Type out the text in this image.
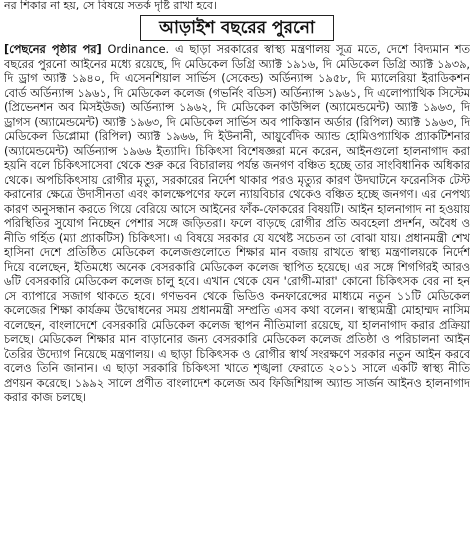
নর শিকার না হয়, সে বিষয়ে সতর্ক দৃষ্টি রাখা হবে।
আড়াইশ বছরের পুরনো
[পেছনের পৃষ্ঠার পর] Ordinance. এ ছাড়া সরকারের স্বাস্থ্য মন্ত্রণালয় সূত্র মতে, দেশে বিদ্যমান শত বছরের পুরনো আইনের মধ্যে রয়েছে, দি মেডিকেল ডিগ্রি অ্যাক্ট ১৯১৬, দি মেডিকেল ডিগ্রি অ্যাক্ট ১৯৩৯, দি ড্রাগ অ্যাক্ট ১৯৪০, দি এসেনশিয়াল সার্ভিস (সেকেন্ড) অর্ডিন্যান্স ১৯৫৮, দি ম্যালেরিয়া ইরাডিকশন বোর্ড অর্ডিন্যান্স ১৯৬১, দি মেডিকেল কলেজ (গভর্নিং বডিস) অর্ডিন্যান্স ১৯৬১, দি এলোপ্যাথিক সিস্টেম (প্রিভেনশন অব মিসইউজ) অর্ডিন্যান্স ১৯৬২, দি মেডিকেল কাউন্সিল (অ্যামেন্ডমেন্ট) অ্যাক্ট ১৯৬৩, দি ড্রাগস (অ্যামেন্ডমেন্ট) অ্যাক্ট ১৯৬৩, দি মেডিকেল সার্ভিস অব পাকিস্তান অর্ডার (রিপিল) অ্যাক্ট ১৯৬৩, দি মেডিকেল ডিপ্লোমা (রিপিল) অ্যাক্ট ১৯৬৬, দি ইউনানী, আয়ুর্বেদিক অ্যান্ড হোমিওপ্যাথিক প্র্যাকটিশনার (অ্যামেন্ডমেন্ট) অর্ডিন্যান্স ১৯৬৬ ইত্যাদি। চিকিৎসা বিশেষজ্ঞরা মনে করেন, আইনগুলো হালনাগাদ করা হয়নি বলে চিকিৎসাসেবা থেকে শুরু করে বিচারালয় পর্যন্ত জনগণ বঞ্চিত হচ্ছে তার সাংবিধানিক অধিকার থেকে। অপচিকিৎসায় রোগীর মৃত্যু, সরকারের নির্দেশ থাকার পরও মৃত্যুর কারণ উদঘাটনে ফরেনসিক টেস্ট করানোর ক্ষেত্রে উদাসীনতা এবং কালক্ষেপণের ফলে ন্যায়বিচার থেকেও বঞ্চিত হচ্ছে জনগণ। এর নেপথ্য কারণ অনুসন্ধান করতে গিয়ে বেরিয়ে আসে আইনের ফাঁক-ফোকরের বিষয়টি। আইন হালনাগাদ না হওয়ায় পরিস্থিতির সুযোগ নিচ্ছেন পেশার সঙ্গে জড়িতরা। ফলে বাড়ছে রোগীর প্রতি অবহেলা প্রদর্শন, অবৈধ ও নীতি গর্হিত (ম্যা প্র্যাকটিস) চিকিৎসা। এ বিষয়ে সরকার যে যথেষ্ট সচেতন তা বোঝা যায়। প্রধানমন্ত্রী শেখ হাসিনা দেশে প্রতিষ্ঠিত মেডিকেল কলেজগুলোতে শিক্ষার মান বজায় রাখতে স্বাস্থ্য মন্ত্রণালয়কে নির্দেশ দিয়ে বলেছেন, ইতিমধ্যে অনেক বেসরকারি মেডিকেল কলেজ স্থাপিত হয়েছে। এর সঙ্গে শিগগিরই আরও ৬টি বেসরকারি মেডিকেল কলেজ চালু হবে। এখান থেকে যেন 'রোগী-মারা' কোনো চিকিৎসক বের না হন সে ব্যাপারে সজাগ থাকতে হবে। গণভবন থেকে ভিডিও কনফারেন্সের মাধ্যমে নতুন ১১টি মেডিকেল কলেজের শিক্ষা কার্যক্রম উদ্বোধনের সময় প্রধানমন্ত্রী সম্প্রতি এসব কথা বলেন। স্বাস্থ্যমন্ত্রী মোহাম্মদ নাসিম বলেছেন, বাংলাদেশে বেসরকারি মেডিকেল কলেজ স্থাপন নীতিমালা রয়েছে, যা হালনাগাদ করার প্রক্রিয়া চলছে। মেডিকেল শিক্ষার মান বাড়ানোর জন্য বেসরকারি মেডিকেল কলেজ প্রতিষ্ঠা ও পরিচালনা আইন তৈরির উদ্যোগ নিয়েছে মন্ত্রণালয়। এ ছাড়া চিকিৎসক ও রোগীর স্বার্থ সংরক্ষণে সরকার নতুন আইন করবে বলেও তিনি জানান। এ ছাড়া সরকারি চিকিৎসা খাতে শৃঙ্খলা ফেরাতে ২০১১ সালে একটি স্বাস্থ্য নীতি প্রণয়ন করেছে। ১৯৯২ সালে প্রণীত বাংলাদেশ কলেজ অব ফিজিশিয়ান্স অ্যান্ড সার্জন আইনও হালনাগাদ করার কাজ চলছে।
